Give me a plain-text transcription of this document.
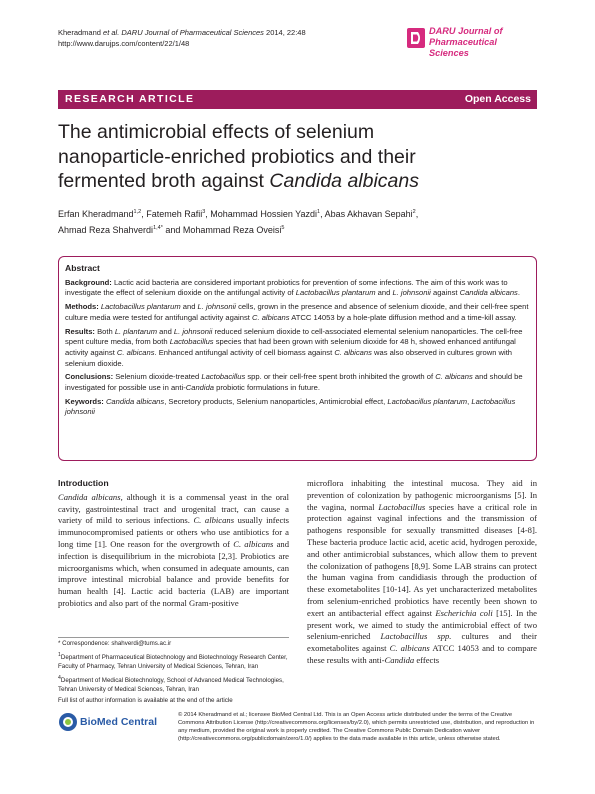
Kheradmand et al. DARU Journal of Pharmaceutical Sciences 2014, 22:48
http://www.darujps.com/content/22/1/48
DARU Journal of
Pharmaceutical Sciences
RESEARCH ARTICLE	Open Access
The antimicrobial effects of selenium
nanoparticle-enriched probiotics and their
fermented broth against Candida albicans
Erfan Kheradmand$^{1,2}$, Fatemeh Rafii$^3$, Mohammad Hossien Yazdi$^1$, Abas Akhavan Sepahi$^2$,
Ahmad Reza Shahverdi$^{1,4*}$ and Mohammad Reza Oveisi$^5$
Abstract

Background: Lactic acid bacteria are considered important probiotics for prevention of some infections. The aim of this work was to investigate the effect of selenium dioxide on the antifungal activity of Lactobacillus plantarum and L. johnsonii against Candida albicans.

Methods: Lactobacillus plantarum and L. johnsonii cells, grown in the presence and absence of selenium dioxide, and their cell-free spent culture media were tested for antifungal activity against C. albicans ATCC 14053 by a hole-plate diffusion method and a time-kill assay.

Results: Both L. plantarum and L. johnsonii reduced selenium dioxide to cell-associated elemental selenium nanoparticles. The cell-free spent culture media, from both Lactobacillus species that had been grown with selenium dioxide for 48 h, showed enhanced antifungal activity against C. albicans. Enhanced antifungal activity of cell biomass against C. albicans was also observed in cultures grown with selenium dioxide.

Conclusions: Selenium dioxide-treated Lactobacillus spp. or their cell-free spent broth inhibited the growth of C. albicans and should be investigated for possible use in anti-Candida probiotic formulations in future.

Keywords: Candida albicans, Secretory products, Selenium nanoparticles, Antimicrobial effect, Lactobacillus plantarum, Lactobacillus johnsonii

Introduction
Candida albicans, although it is a commensal yeast in the oral cavity, gastrointestinal tract and urogenital tract, can cause a variety of mild to serious infections. C. albicans usually infects immunocompromised patients or others who use antibiotics for a long time [1]. One reason for the overgrowth of C. albicans and infection is disequilibrium in the microbiota [2,3]. Probiotics are microorganisms which, when consumed in adequate amounts, can improve intestinal microbial balance and provide benefits for human health [4]. Lactic acid bacteria (LAB) are important probiotics and also part of the normal Gram-positive
microflora inhabiting the intestinal mucosa. They aid in prevention of colonization by pathogenic microorganisms [5]. In the vagina, normal Lactobacillus species have a critical role in protection against vaginal infections and the transmission of pathogens responsible for sexually transmitted diseases [4-8]. These bacteria produce lactic acid, acetic acid, hydrogen peroxide, and other antimicrobial substances, which allow them to prevent the colonization of pathogens [8,9]. Some LAB strains can protect the human vagina from candidiasis through the production of these exometabolites [10-14]. As yet uncharacterized metabolites from selenium-enriched probiotics have recently been shown to exert an antibacterial effect against Escherichia coli [15]. In the present work, we aimed to study the antimicrobial effect of two selenium-enriched Lactobacillus spp. cultures and their exometabolites against C. albicans ATCC 14053 and to compare these results with anti-Candida effects

* Correspondence: shahverdi@tums.ac.ir

$^1$Department of Pharmaceutical Biotechnology and Biotechnology Research Center, Faculty of Pharmacy, Tehran University of Medical Sciences, Tehran, Iran

$^4$Department of Medical Biotechnology, School of Advanced Medical Technologies, Tehran University of Medical Sciences, Tehran, Iran

Full list of author information is available at the end of the article

BioMed Central
© 2014 Kheradmand et al.; licensee BioMed Central Ltd. This is an Open Access article distributed under the terms of the Creative Commons Attribution License (http://creativecommons.org/licenses/by/2.0), which permits unrestricted use, distribution, and reproduction in any medium, provided the original work is properly credited. The Creative Commons Public Domain Dedication waiver (http://creativecommons.org/publicdomain/zero/1.0/) applies to the data made available in this article, unless otherwise stated.
